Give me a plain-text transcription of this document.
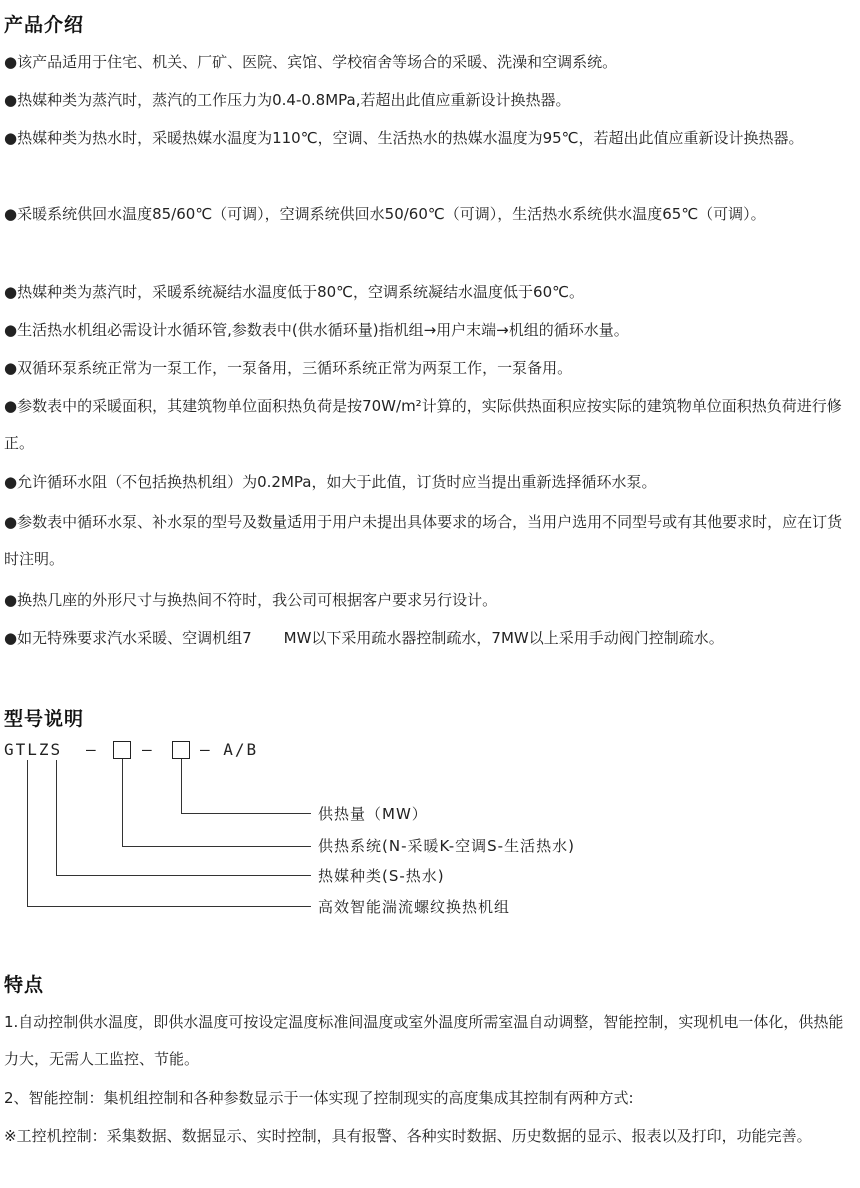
产品介绍

●该产品适用于住宅、机关、厂矿、医院、宾馆、学校宿舍等场合的采暖、洗澡和空调系统。

●热媒种类为蒸汽时，蒸汽的工作压力为0.4-0.8MPa,若超出此值应重新设计换热器。

●热媒种类为热水时，采暖热媒水温度为110℃，空调、生活热水的热媒水温度为95℃，若超出此值应重新设计换热器。

●采暖系统供回水温度85/60℃（可调），空调系统供回水50/60℃（可调），生活热水系统供水温度65℃（可调）。

●热媒种类为蒸汽时，采暖系统凝结水温度低于80℃，空调系统凝结水温度低于60℃。

●生活热水机组必需设计水循环管,参数表中(供水循环量)指机组→用户末端→机组的循环水量。

●双循环泵系统正常为一泵工作，一泵备用，三循环系统正常为两泵工作，一泵备用。

●参数表中的采暖面积，其建筑物单位面积热负荷是按70W/m²计算的，实际供热面积应按实际的建筑物单位面积热负荷进行修正。

●允许循环水阻（不包括换热机组）为0.2MPa，如大于此值，订货时应当提出重新选择循环水泵。

●参数表中循环水泵、补水泵的型号及数量适用于用户未提出具体要求的场合，当用户选用不同型号或有其他要求时，应在订货时注明。

●换热几座的外形尺寸与换热间不符时，我公司可根据客户要求另行设计。

●如无特殊要求汽水采暖、空调机组7 MW以下采用疏水器控制疏水，7MW以上采用手动阀门控制疏水。

型号说明
GTLZS —	—	— A/B
供热量（MW）
供热系统(N-采暖K-空调S-生活热水)
热媒种类(S-热水)
高效智能湍流螺纹换热机组
特点

1.自动控制供水温度，即供水温度可按设定温度标准间温度或室外温度所需室温自动调整，智能控制，实现机电一体化，供热能力大，无需人工监控、节能。

2、智能控制：集机组控制和各种参数显示于一体实现了控制现实的高度集成其控制有两种方式:

※工控机控制：采集数据、数据显示、实时控制，具有报警、各种实时数据、历史数据的显示、报表以及打印，功能完善。
